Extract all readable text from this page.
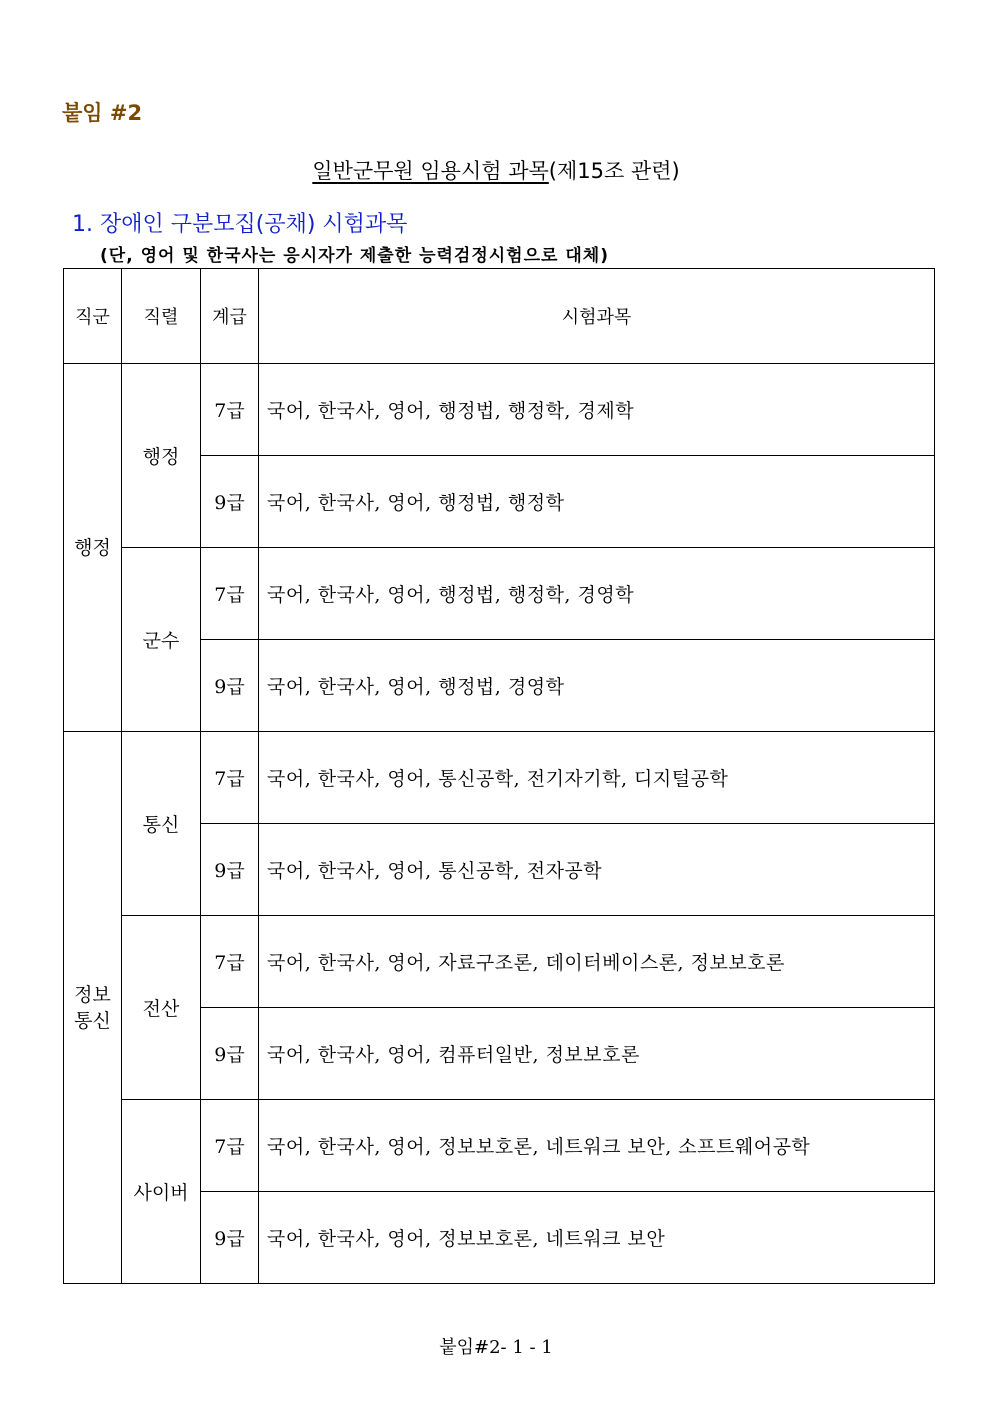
붙임 #2
일반군무원 임용시험 과목(제15조 관련)
1. 장애인 구분모집(공채) 시험과목
(단, 영어 및 한국사는 응시자가 제출한 능력검정시험으로 대체)
직군	직렬	계급	시험과목

행정	행정	7급	국어, 한국사, 영어, 행정법, 행정학, 경제학
		9급	국어, 한국사, 영어, 행정법, 행정학
	군수	7급	국어, 한국사, 영어, 행정법, 행정학, 경영학
		9급	국어, 한국사, 영어, 행정법, 경영학

정보통신	통신	7급	국어, 한국사, 영어, 통신공학, 전기자기학, 디지털공학
		9급	국어, 한국사, 영어, 통신공학, 전자공학
	전산	7급	국어, 한국사, 영어, 자료구조론, 데이터베이스론, 정보보호론
		9급	국어, 한국사, 영어, 컴퓨터일반, 정보보호론
	사이버	7급	국어, 한국사, 영어, 정보보호론, 네트워크 보안, 소프트웨어공학
		9급	국어, 한국사, 영어, 정보보호론, 네트워크 보안
붙임#2- 1 - 1
